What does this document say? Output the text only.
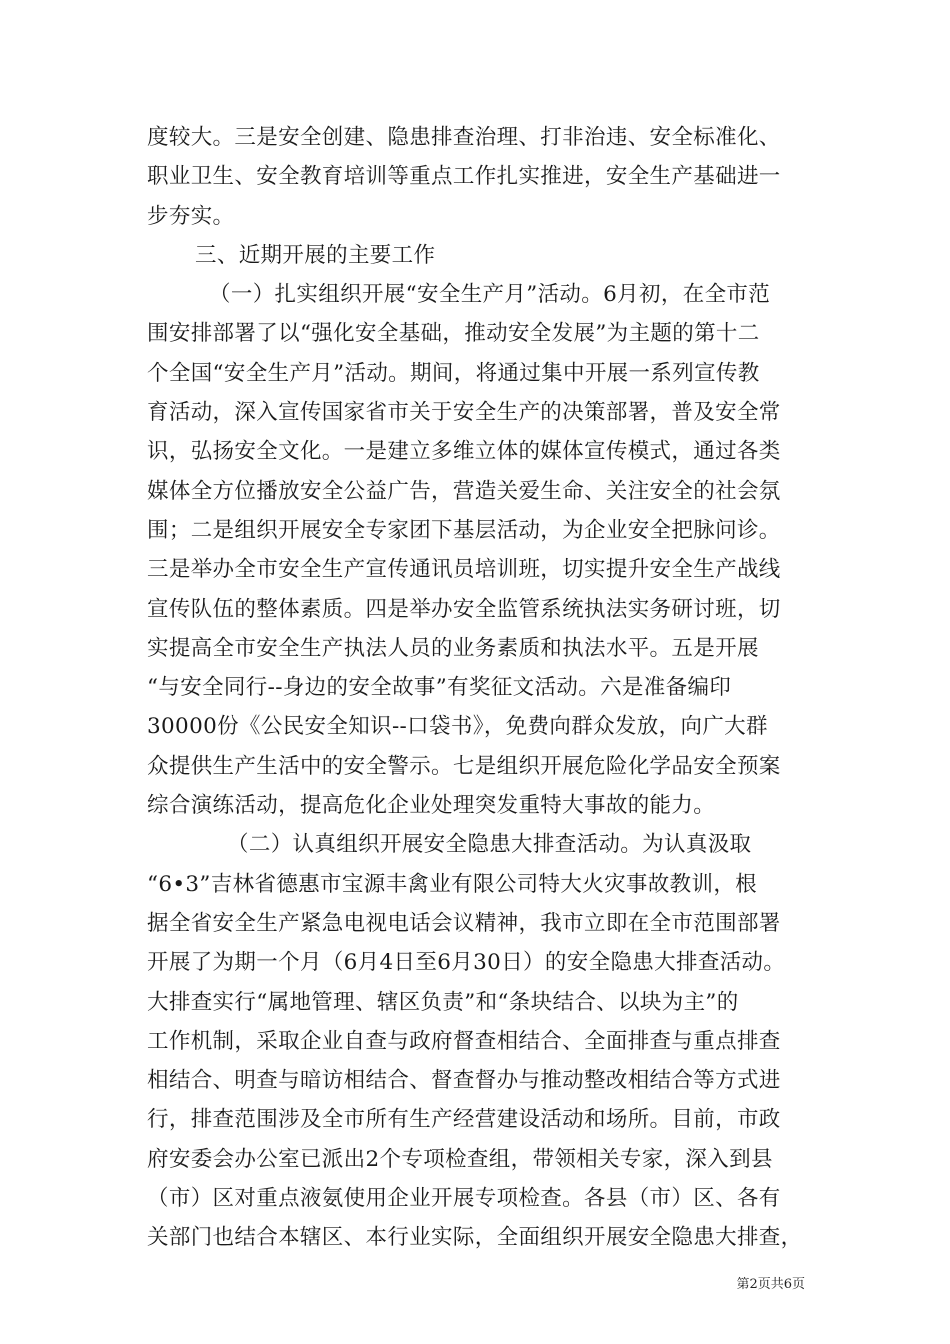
度较大。三是安全创建、隐患排查治理、打非治违、安全标准化、
职业卫生、安全教育培训等重点工作扎实推进，安全生产基础进一
步夯实。
三、近期开展的主要工作
（一）扎实组织开展“安全生产月”活动。6月初，在全市范
围安排部署了以“强化安全基础，推动安全发展”为主题的第十二
个全国“安全生产月”活动。期间，将通过集中开展一系列宣传教
育活动，深入宣传国家省市关于安全生产的决策部署，普及安全常
识，弘扬安全文化。一是建立多维立体的媒体宣传模式，通过各类
媒体全方位播放安全公益广告，营造关爱生命、关注安全的社会氛
围；二是组织开展安全专家团下基层活动，为企业安全把脉问诊。
三是举办全市安全生产宣传通讯员培训班，切实提升安全生产战线
宣传队伍的整体素质。四是举办安全监管系统执法实务研讨班，切
实提高全市安全生产执法人员的业务素质和执法水平。五是开展
“与安全同行--身边的安全故事”有奖征文活动。六是准备编印
30000份《公民安全知识--口袋书》，免费向群众发放，向广大群
众提供生产生活中的安全警示。七是组织开展危险化学品安全预案
综合演练活动，提高危化企业处理突发重特大事故的能力。
（二）认真组织开展安全隐患大排查活动。为认真汲取
“6•3”吉林省德惠市宝源丰禽业有限公司特大火灾事故教训，根
据全省安全生产紧急电视电话会议精神，我市立即在全市范围部署
开展了为期一个月（6月4日至6月30日）的安全隐患大排查活动。
大排查实行“属地管理、辖区负责”和“条块结合、以块为主”的
工作机制，采取企业自查与政府督查相结合、全面排查与重点排查
相结合、明查与暗访相结合、督查督办与推动整改相结合等方式进
行，排查范围涉及全市所有生产经营建设活动和场所。目前，市政
府安委会办公室已派出2个专项检查组，带领相关专家，深入到县
（市）区对重点液氨使用企业开展专项检查。各县（市）区、各有
关部门也结合本辖区、本行业实际，全面组织开展安全隐患大排查，
第2页共6页
